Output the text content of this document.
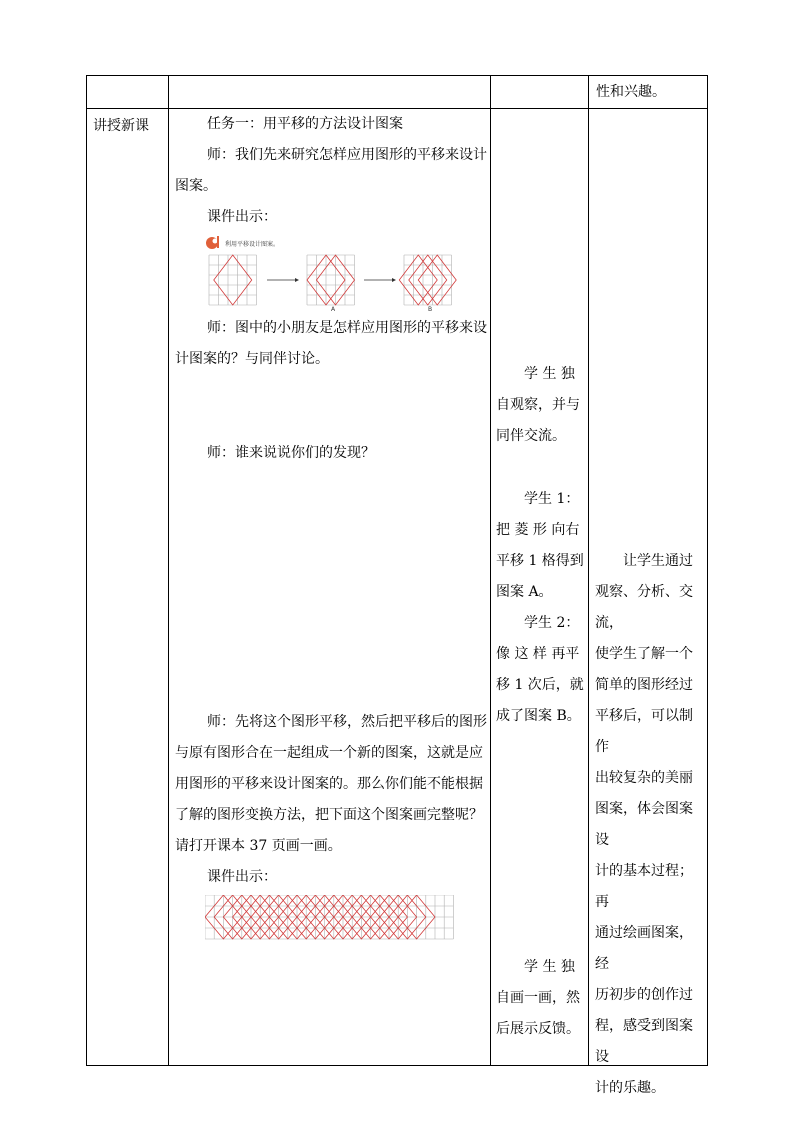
性和兴趣。
讲授新课	任务一：用平移的方法设计图案

师：我们先来研究怎样应用图形的平移来设计图案。

课件出示：

利用平移设计图案。
A	B

师：图中的小朋友是怎样应用图形的平移来设计图案的？与同伴讨论。

师：谁来说说你们的发现？

师：先将这个图形平移，然后把平移后的图形与原有图形合在一起组成一个新的图案，这就是应用图形的平移来设计图案的。那么你们能不能根据了解的图形变换方法，把下面这个图案画完整呢？请打开课本 37 页画一画。

课件出示：

学 生 独

自观察，并与

同伴交流。

学生 1：

把 菱 形 向右

平移 1 格得到

图案 A。

学生 2：

像 这 样 再平

移 1 次后，就

成了图案 B。

学 生 独

自画一画，然

后展示反馈。

让学生通过

观察、分析、交流，

使学生了解一个

简单的图形经过

平移后，可以制作

出较复杂的美丽

图案，体会图案设

计的基本过程；再

通过绘画图案，经

历初步的创作过

程，感受到图案设

计的乐趣。
